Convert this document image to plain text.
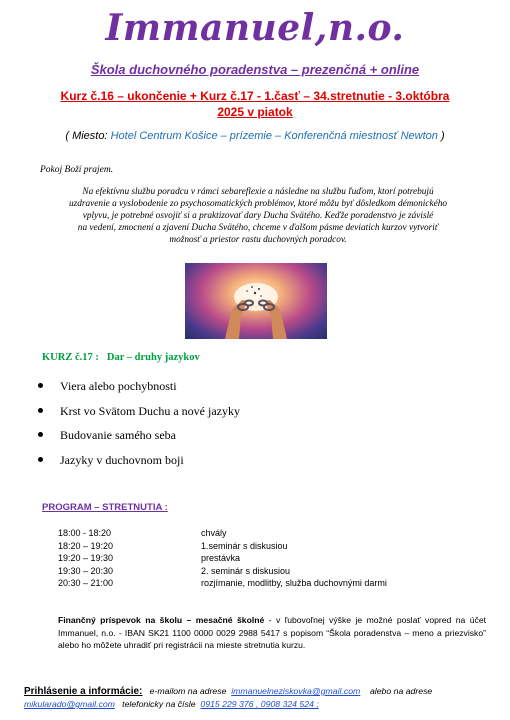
Immanuel,n.o.
Škola duchovného poradenstva – prezenčná + online
Kurz č.16 – ukončenie + Kurz č.17 - 1.časť – 34.stretnutie - 3.októbra
2025 v piatok
( Miesto: Hotel Centrum Košice – prízemie – Konferenčná miestnosť Newton )
Pokoj Boží prajem.
Na efektívnu službu poradcu v rámci sebareflexie a následne na službu ľuďom, ktorí potrebujú
uzdravenie a vyslobodenie zo psychosomatických problémov, ktoré môžu byť dôsledkom démonického
vplyvu, je potrebné osvojiť si a praktizovať dary Ducha Svätého. Keďže poradenstvo je závislé
na vedení, zmocnení a zjavení Ducha Svätého, chceme v ďalšom pásme deviatich kurzov vytvoriť
možnosť a priestor rastu duchovných poradcov.
KURZ č.17 : Dar – druhy jazykov
Viera alebo pochybnosti
Krst vo Svätom Duchu a nové jazyky
Budovanie samého seba
Jazyky v duchovnom boji
PROGRAM – STRETNUTIA :
18:00 - 18:20	chvály
18:20 – 19:20	1.seminár s diskusiou
19:20 – 19:30	prestávka
19:30 – 20:30	2. seminár s diskusiou
20:30 – 21:00	rozjímanie, modlitby, služba duchovnými darmi
Finančný príspevok na školu – mesačné školné - v ľubovoľnej výške je možné poslať vopred na účet Immanuel, n.o. - IBAN SK21 1100 0000 0029 2988 5417 s popisom “Škola poradenstva – meno a priezvisko” alebo ho môžete uhradiť pri registrácii na mieste stretnutia kurzu.
Prihlásenie a informácie: e-mailom na adrese immanuelneziskovka@gmail.com alebo na adrese mikularado@gmail.com telefonicky na čísle 0915 229 376 , 0908 324 524 ;
